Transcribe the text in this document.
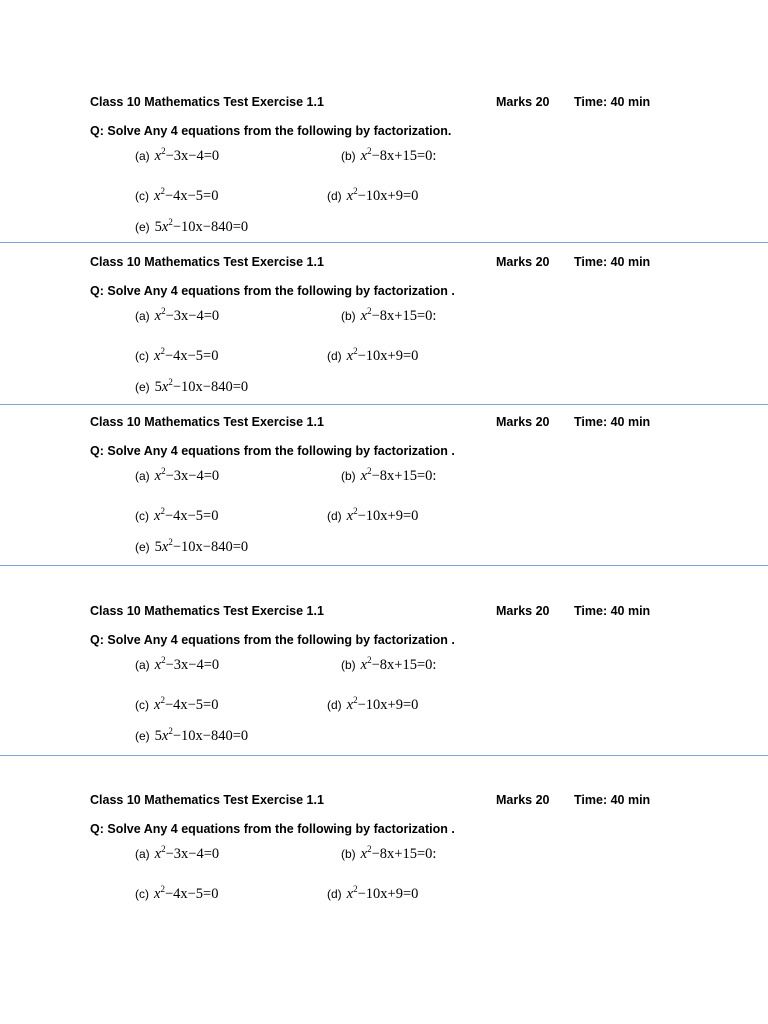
Class 10 Mathematics Test Exercise 1.1	Marks 20 Time: 40 min
Q: Solve Any 4 equations from the following by factorization.
(a) $x^2-3x-4=0$	(b) $x^2-8x+15=0$:
(c) $x^2-4x-5=0$	(d) $x^2-10x+9=0$
(e) $5x^2-10x-840=0$
Class 10 Mathematics Test Exercise 1.1	Marks 20 Time: 40 min
Q: Solve Any 4 equations from the following by factorization .
(a) $x^2-3x-4=0$	(b) $x^2-8x+15=0$:
(c) $x^2-4x-5=0$	(d) $x^2-10x+9=0$
(e) $5x^2-10x-840=0$
Class 10 Mathematics Test Exercise 1.1	Marks 20 Time: 40 min
Q: Solve Any 4 equations from the following by factorization .
(a) $x^2-3x-4=0$	(b) $x^2-8x+15=0$:
(c) $x^2-4x-5=0$	(d) $x^2-10x+9=0$
(e) $5x^2-10x-840=0$
Class 10 Mathematics Test Exercise 1.1	Marks 20 Time: 40 min
Q: Solve Any 4 equations from the following by factorization .
(a) $x^2-3x-4=0$	(b) $x^2-8x+15=0$:
(c) $x^2-4x-5=0$	(d) $x^2-10x+9=0$
(e) $5x^2-10x-840=0$
Class 10 Mathematics Test Exercise 1.1	Marks 20 Time: 40 min
Q: Solve Any 4 equations from the following by factorization .
(a) $x^2-3x-4=0$	(b) $x^2-8x+15=0$:
(c) $x^2-4x-5=0$	(d) $x^2-10x+9=0$
